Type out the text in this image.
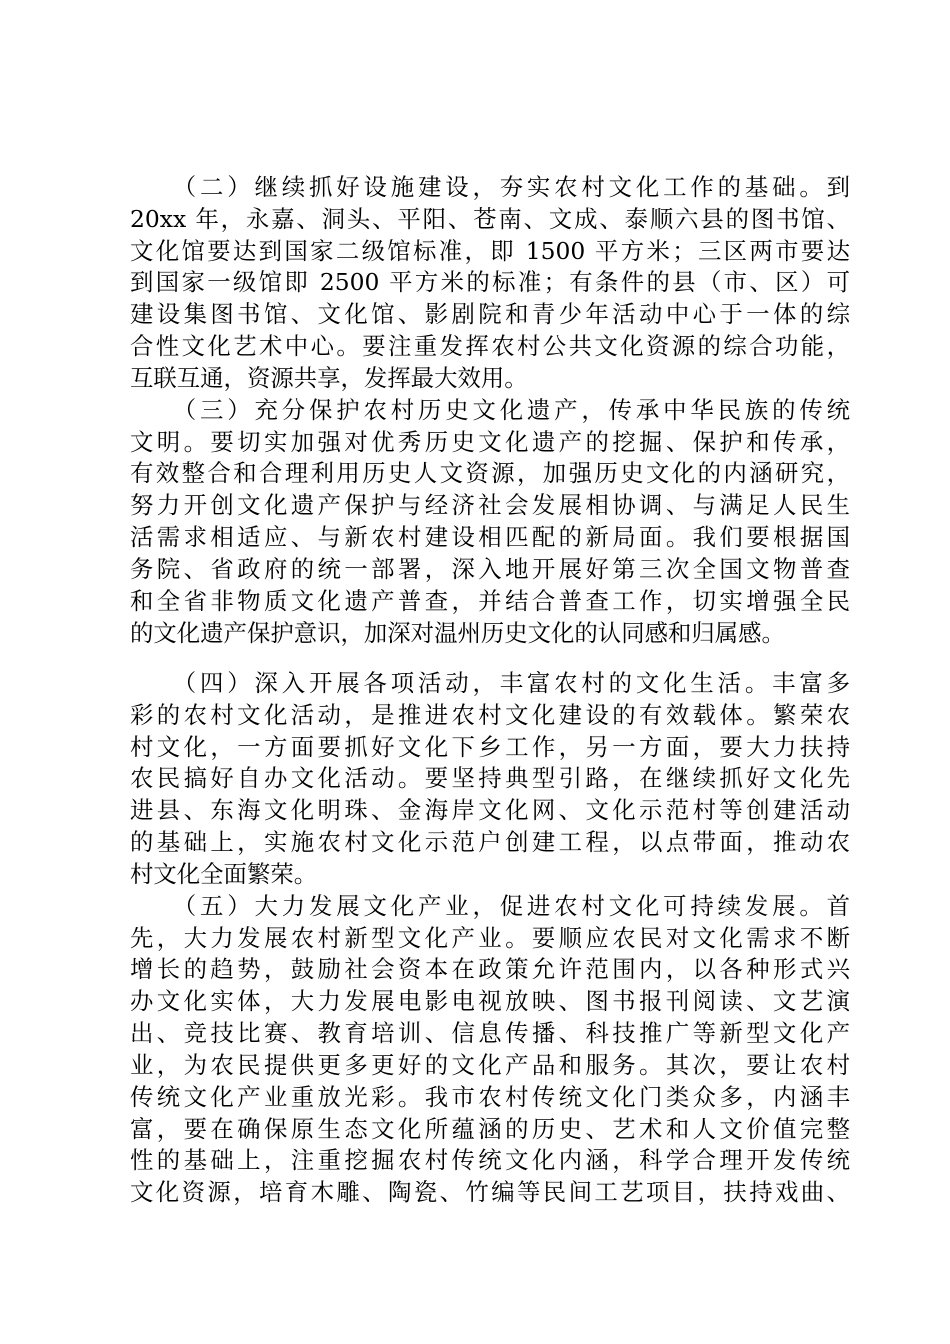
　　（二）继续抓好设施建设，夯实农村文化工作的基础。到
20xx 年，永嘉、洞头、平阳、苍南、文成、泰顺六县的图书馆、
文化馆要达到国家二级馆标准，即 1500 平方米；三区两市要达
到国家一级馆即 2500 平方米的标准；有条件的县（市、区）可
建设集图书馆、文化馆、影剧院和青少年活动中心于一体的综
合性文化艺术中心。要注重发挥农村公共文化资源的综合功能，
互联互通，资源共享，发挥最大效用。
　　（三）充分保护农村历史文化遗产，传承中华民族的传统
文明。要切实加强对优秀历史文化遗产的挖掘、保护和传承，
有效整合和合理利用历史人文资源，加强历史文化的内涵研究，
努力开创文化遗产保护与经济社会发展相协调、与满足人民生
活需求相适应、与新农村建设相匹配的新局面。我们要根据国
务院、省政府的统一部署，深入地开展好第三次全国文物普查
和全省非物质文化遗产普查，并结合普查工作，切实增强全民
的文化遗产保护意识，加深对温州历史文化的认同感和归属感。
　　（四）深入开展各项活动，丰富农村的文化生活。丰富多
彩的农村文化活动，是推进农村文化建设的有效载体。繁荣农
村文化，一方面要抓好文化下乡工作，另一方面，要大力扶持
农民搞好自办文化活动。要坚持典型引路，在继续抓好文化先
进县、东海文化明珠、金海岸文化网、文化示范村等创建活动
的基础上，实施农村文化示范户创建工程，以点带面，推动农
村文化全面繁荣。
　　（五）大力发展文化产业，促进农村文化可持续发展。首
先，大力发展农村新型文化产业。要顺应农民对文化需求不断
增长的趋势，鼓励社会资本在政策允许范围内，以各种形式兴
办文化实体，大力发展电影电视放映、图书报刊阅读、文艺演
出、竞技比赛、教育培训、信息传播、科技推广等新型文化产
业，为农民提供更多更好的文化产品和服务。其次，要让农村
传统文化产业重放光彩。我市农村传统文化门类众多，内涵丰
富，要在确保原生态文化所蕴涵的历史、艺术和人文价值完整
性的基础上，注重挖掘农村传统文化内涵，科学合理开发传统
文化资源，培育木雕、陶瓷、竹编等民间工艺项目，扶持戏曲、
